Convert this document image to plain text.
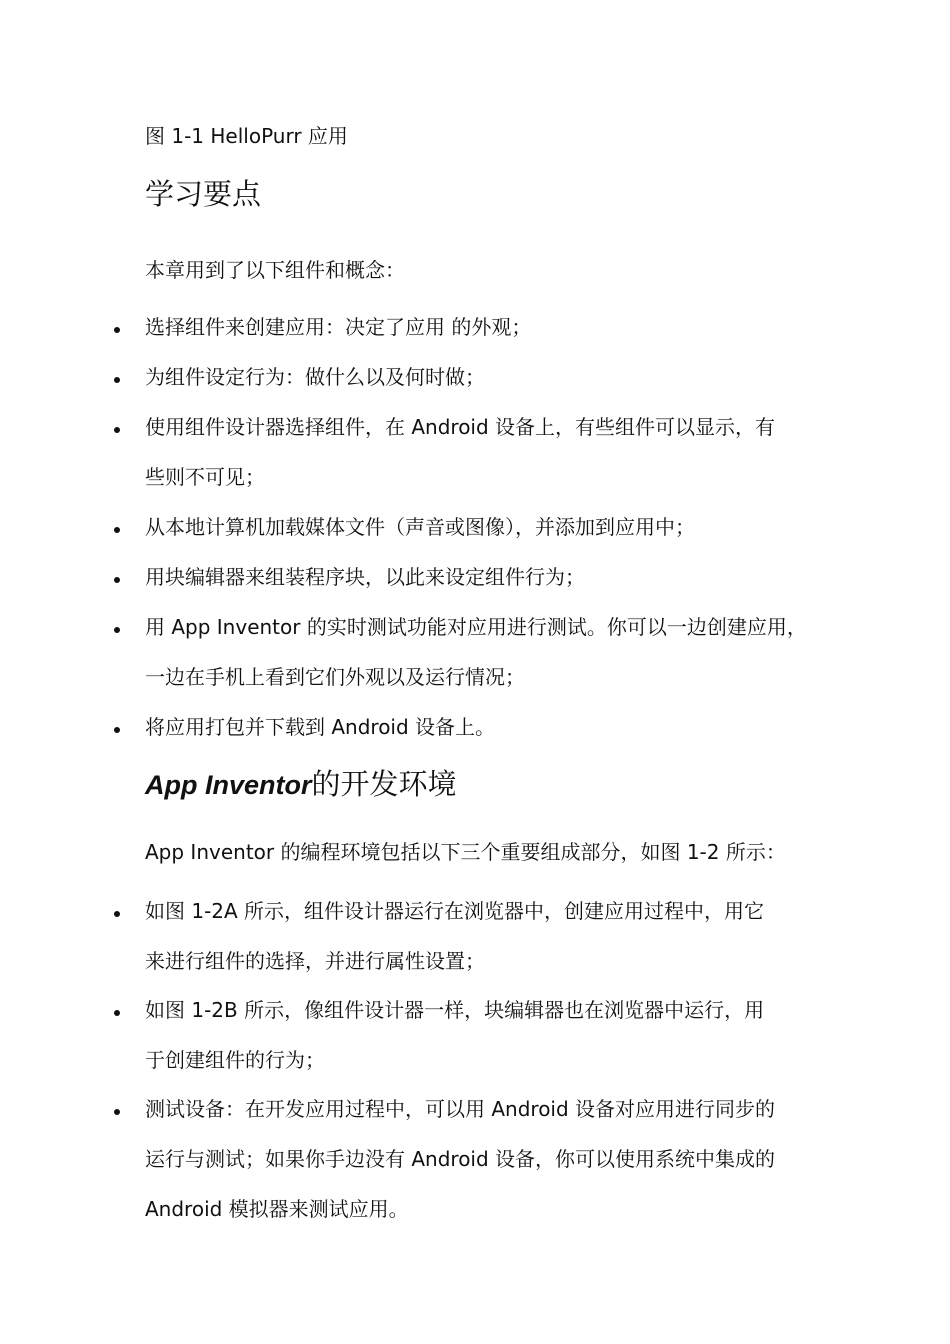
图 1-1 HelloPurr 应用
学习要点
本章用到了以下组件和概念：
选择组件来创建应用：决定了应用 的外观；
为组件设定行为：做什么以及何时做；
使用组件设计器选择组件，在 Android 设备上，有些组件可以显示，有
些则不可见；
从本地计算机加载媒体文件（声音或图像），并添加到应用中；
用块编辑器来组装程序块，以此来设定组件行为；
用 App Inventor 的实时测试功能对应用进行测试。你可以一边创建应用，
一边在手机上看到它们外观以及运行情况；
将应用打包并下载到 Android 设备上。
App Inventor的开发环境
App Inventor 的编程环境包括以下三个重要组成部分，如图 1-2 所示：
如图 1-2A 所示，组件设计器运行在浏览器中，创建应用过程中，用它
来进行组件的选择，并进行属性设置；
如图 1-2B 所示，像组件设计器一样，块编辑器也在浏览器中运行，用
于创建组件的行为；
测试设备：在开发应用过程中，可以用 Android 设备对应用进行同步的
运行与测试；如果你手边没有 Android 设备，你可以使用系统中集成的
Android 模拟器来测试应用。
